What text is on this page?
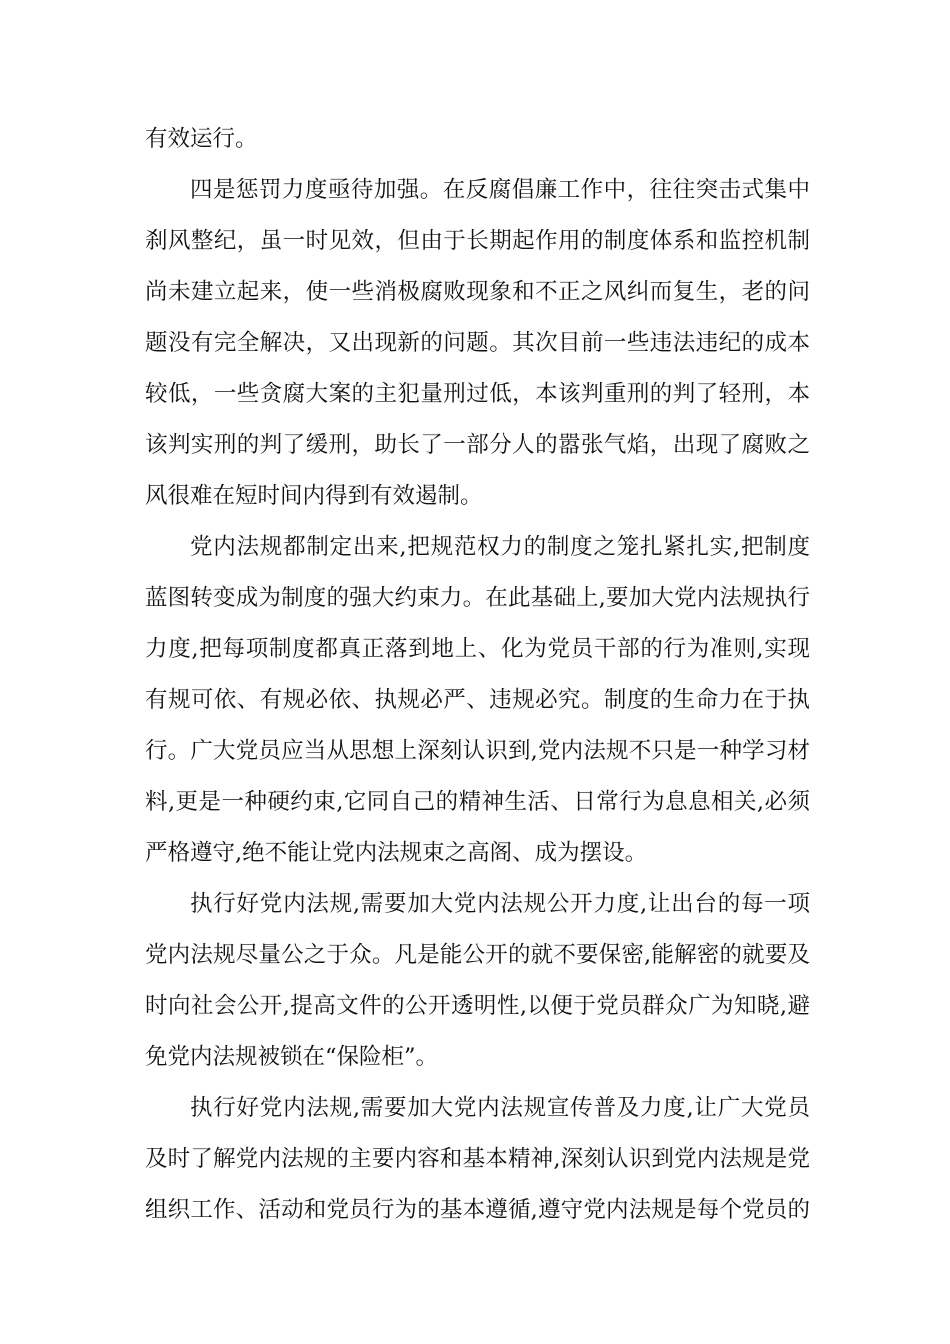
有效运行。
四是惩罚力度亟待加强。在反腐倡廉工作中，往往突击式集中
刹风整纪，虽一时见效，但由于长期起作用的制度体系和监控机制
尚未建立起来，使一些消极腐败现象和不正之风纠而复生，老的问
题没有完全解决，又出现新的问题。其次目前一些违法违纪的成本
较低，一些贪腐大案的主犯量刑过低，本该判重刑的判了轻刑，本
该判实刑的判了缓刑，助长了一部分人的嚣张气焰，出现了腐败之
风很难在短时间内得到有效遏制。
党内法规都制定出来,把规范权力的制度之笼扎紧扎实,把制度
蓝图转变成为制度的强大约束力。在此基础上,要加大党内法规执行
力度,把每项制度都真正落到地上、化为党员干部的行为准则,实现
有规可依、有规必依、执规必严、违规必究。制度的生命力在于执
行。广大党员应当从思想上深刻认识到,党内法规不只是一种学习材
料,更是一种硬约束,它同自己的精神生活、日常行为息息相关,必须
严格遵守,绝不能让党内法规束之高阁、成为摆设。
执行好党内法规,需要加大党内法规公开力度,让出台的每一项
党内法规尽量公之于众。凡是能公开的就不要保密,能解密的就要及
时向社会公开,提高文件的公开透明性,以便于党员群众广为知晓,避
免党内法规被锁在“保险柜”。
执行好党内法规,需要加大党内法规宣传普及力度,让广大党员
及时了解党内法规的主要内容和基本精神,深刻认识到党内法规是党
组织工作、活动和党员行为的基本遵循,遵守党内法规是每个党员的
